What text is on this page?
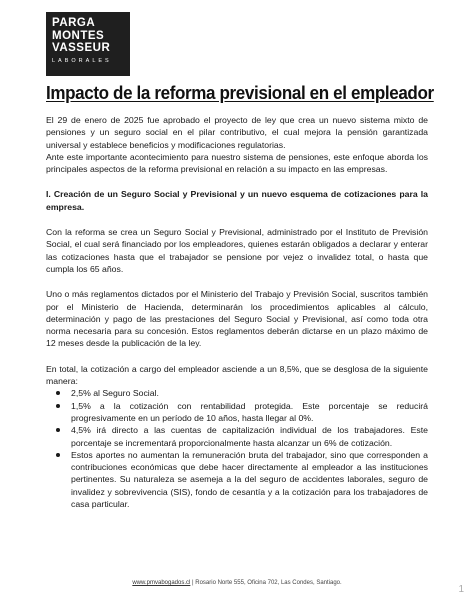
PARGA
MONTES
VASSEUR
LABORALES
Impacto de la reforma previsional en el empleador

El 29 de enero de 2025 fue aprobado el proyecto de ley que crea un nuevo sistema mixto de pensiones y un seguro social en el pilar contributivo, el cual mejora la pensión garantizada universal y establece beneficios y modificaciones regulatorias.

Ante este importante acontecimiento para nuestro sistema de pensiones, este enfoque aborda los principales aspectos de la reforma previsional en relación a su impacto en las empresas.

I. Creación de un Seguro Social y Previsional y un nuevo esquema de cotizaciones para la empresa.

Con la reforma se crea un Seguro Social y Previsional, administrado por el Instituto de Previsión Social, el cual será financiado por los empleadores, quienes estarán obligados a declarar y enterar las cotizaciones hasta que el trabajador se pensione por vejez o invalidez total, o hasta que cumpla los 65 años.

Uno o más reglamentos dictados por el Ministerio del Trabajo y Previsión Social, suscritos también por el Ministerio de Hacienda, determinarán los procedimientos aplicables al cálculo, determinación y pago de las prestaciones del Seguro Social y Previsional, así como toda otra norma necesaria para su concesión. Estos reglamentos deberán dictarse en un plazo máximo de 12 meses desde la publicación de la ley.

En total, la cotización a cargo del empleador asciende a un 8,5%, que se desglosa de la siguiente manera:

2,5% al Seguro Social.
1,5% a la cotización con rentabilidad protegida. Este porcentaje se reducirá progresivamente en un período de 10 años, hasta llegar al 0%.
4,5% irá directo a las cuentas de capitalización individual de los trabajadores. Este porcentaje se incrementará proporcionalmente hasta alcanzar un 6% de cotización.
Estos aportes no aumentan la remuneración bruta del trabajador, sino que corresponden a contribuciones económicas que debe hacer directamente al empleador a las instituciones pertinentes. Su naturaleza se asemeja a la del seguro de accidentes laborales, seguro de invalidez y sobrevivencia (SIS), fondo de cesantía y a la cotización para los trabajadores de casa particular.
www.pmvabogados.cl | Rosario Norte 555, Oficina 702, Las Condes, Santiago.
1
